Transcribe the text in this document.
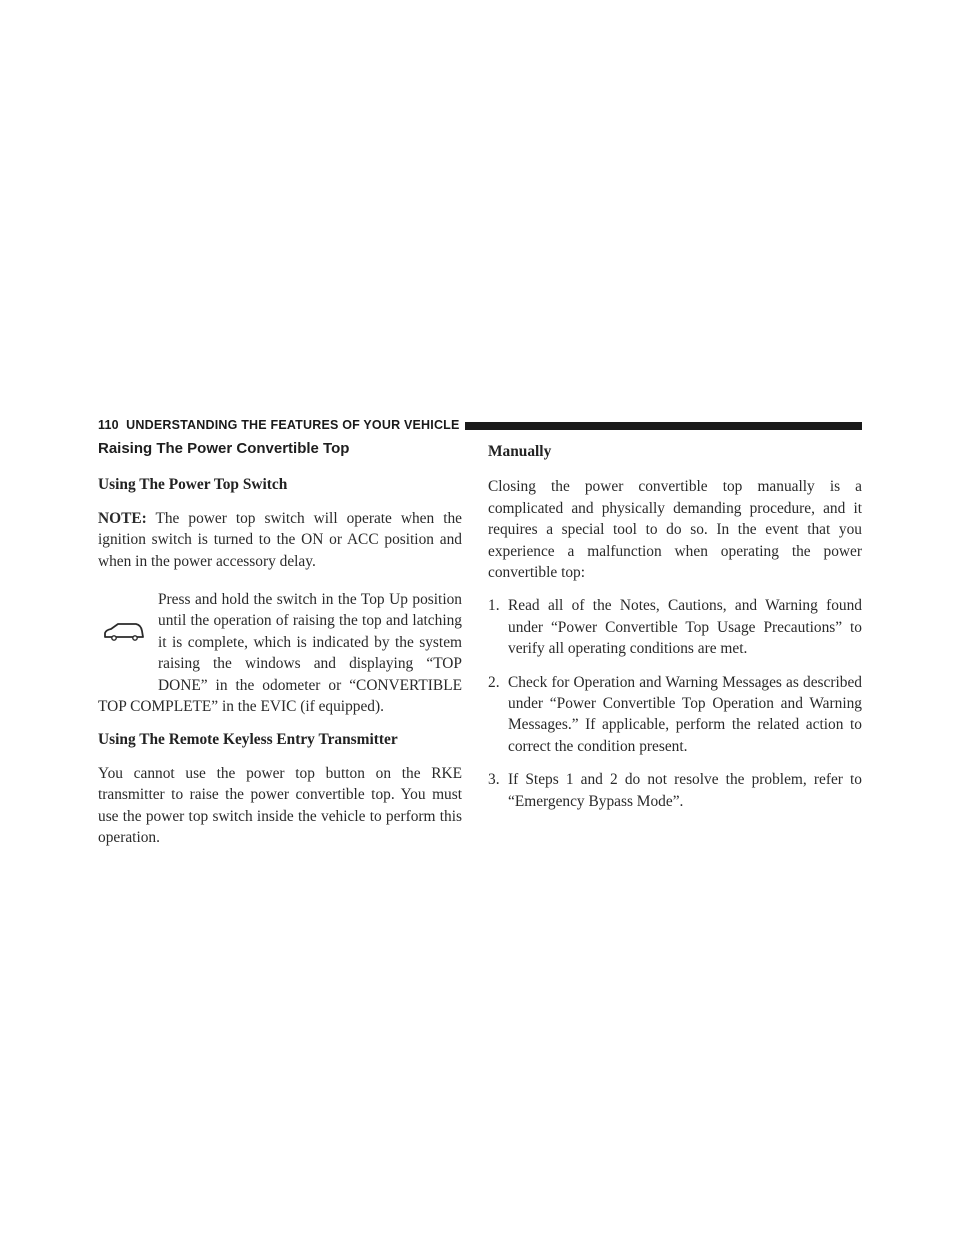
110 UNDERSTANDING THE FEATURES OF YOUR VEHICLE
Raising The Power Convertible Top
Using The Power Top Switch

NOTE: The power top switch will operate when the ignition switch is turned to the ON or ACC position and when in the power accessory delay.

Press and hold the switch in the Top Up position until the operation of raising the top and latching it is complete, which is indicated by the system raising the windows and displaying “TOP DONE” in the odometer or “CONVERTIBLE TOP COMPLETE” in the EVIC (if equipped).
Using The Remote Keyless Entry Transmitter

You cannot use the power top button on the RKE transmitter to raise the power convertible top. You must use the power top switch inside the vehicle to perform this operation.

Manually

Closing the power convertible top manually is a complicated and physically demanding procedure, and it requires a special tool to do so. In the event that you experience a malfunction when operating the power convertible top:

1. Read all of the Notes, Cautions, and Warning found under “Power Convertible Top Usage Precautions” to verify all operating conditions are met.
2. Check for Operation and Warning Messages as described under “Power Convertible Top Operation and Warning Messages.” If applicable, perform the related action to correct the condition present.
3. If Steps 1 and 2 do not resolve the problem, refer to “Emergency Bypass Mode”.
